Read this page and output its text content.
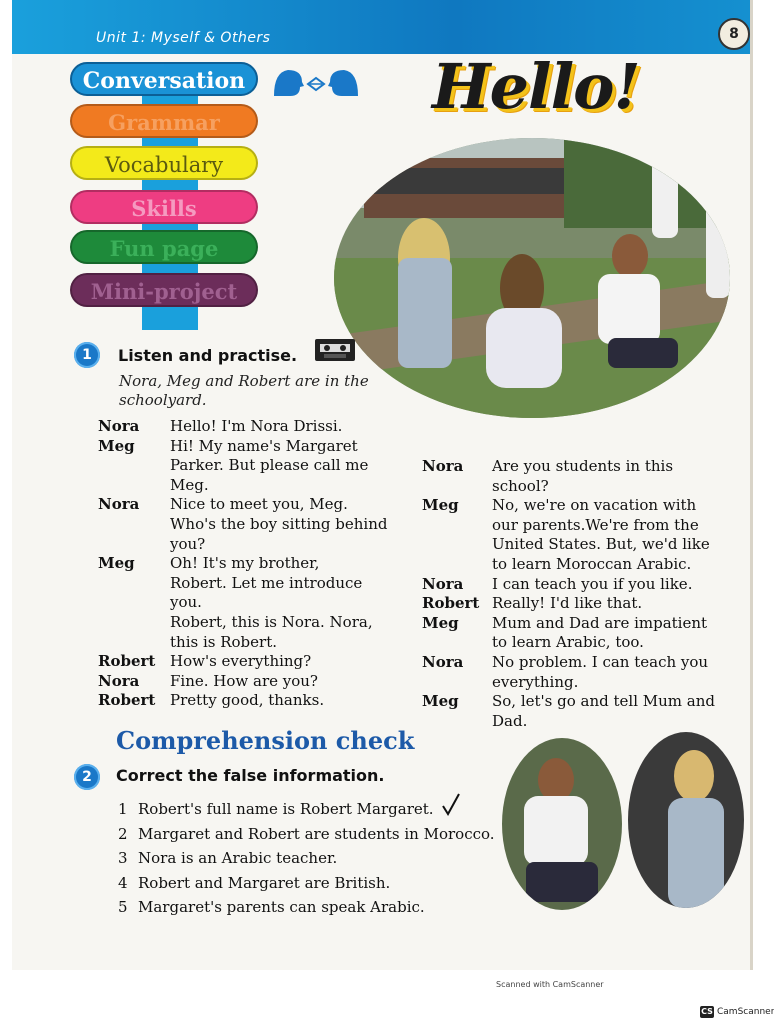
Unit 1: Myself & Others	8
Conversation
Grammar
Vocabulary
Skills
Fun page
Mini-project
Hello!
1	Listen and practise.
Nora, Meg and Robert are in the schoolyard.
Nora	Hello! I'm Nora Drissi.
Meg	Hi! My name's Margaret
Parker. But please call me
Meg.
Nora	Nice to meet you, Meg.
Who's the boy sitting behind
you?
Meg	Oh! It's my brother,
Robert. Let me introduce
you.
Robert, this is Nora. Nora,
this is Robert.
Robert How's everything?
Nora	Fine. How are you?
Robert Pretty good, thanks.
Nora	Are you students in this
school?
Meg	No, we're on vacation with
our parents.We're from the
United States. But, we'd like
to learn Moroccan Arabic.
Nora	I can teach you if you like.
Robert Really! I'd like that.
Meg	Mum and Dad are impatient
to learn Arabic, too.
Nora	No problem. I can teach you
everything.
Meg	So, let's go and tell Mum and
Dad.
Comprehension check
2	Correct the false information.
1 Robert's full name is Robert Margaret.
2 Margaret and Robert are students in Morocco.
3 Nora is an Arabic teacher.
4 Robert and Margaret are British.
5 Margaret's parents can speak Arabic.
Scanned with CamScanner
CS CamScanner
